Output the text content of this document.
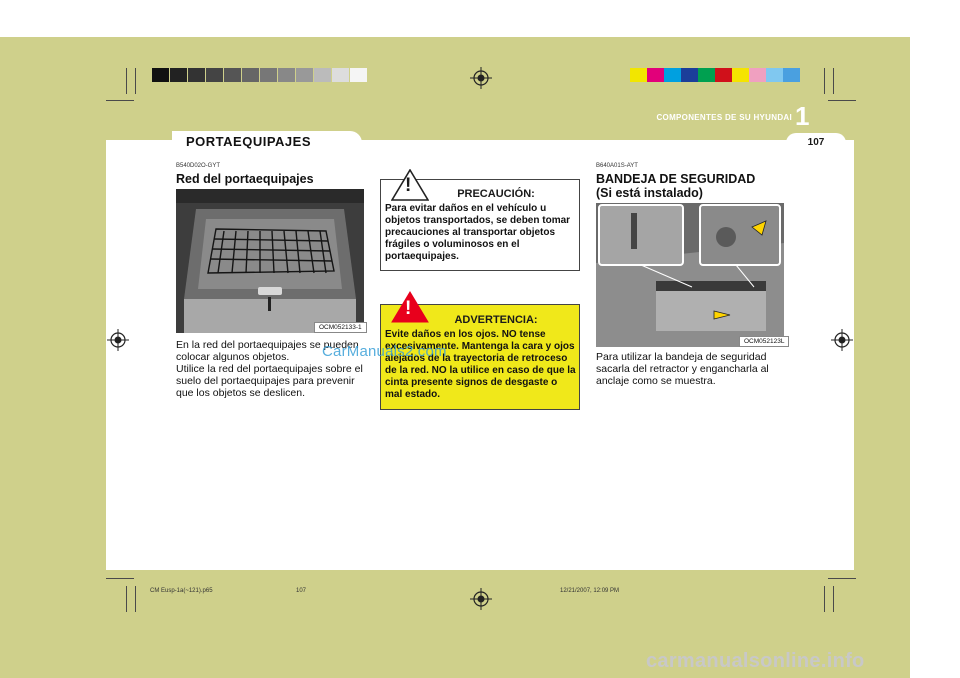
PORTAEQUIPAJES
1
COMPONENTES DE SU HYUNDAI
107
B540D02O-GYT
Red del portaequipajes
OCM052133-1
En la red del portaequipajes se pueden colocar algunos objetos.
Utilice la red del portaequipajes sobre el suelo del portaequipajes para prevenir que los objetos se deslicen.
!	PRECAUCIÓN:
Para evitar daños en el vehículo u objetos transportados, se deben tomar precauciones al transportar objetos frágiles o voluminosos en el portaequipajes.
!
ADVERTENCIA:
Evite daños en los ojos. NO tense excesivamente. Mantenga la cara y ojos alejados de la trayectoria de retroceso de la red. NO la utilice en caso de que la cinta presente signos de desgaste o mal estado.
B640A01S-AYT
BANDEJA DE SEGURIDAD
(Si está instalado)
OCM052123L
Para utilizar la bandeja de seguridad sacarla del retractor y engancharla al anclaje como se muestra.
CarManuals2.com
CM Eusp-1a(~121).p65	107	12/21/2007, 12:09 PM
carmanualsonline.info
